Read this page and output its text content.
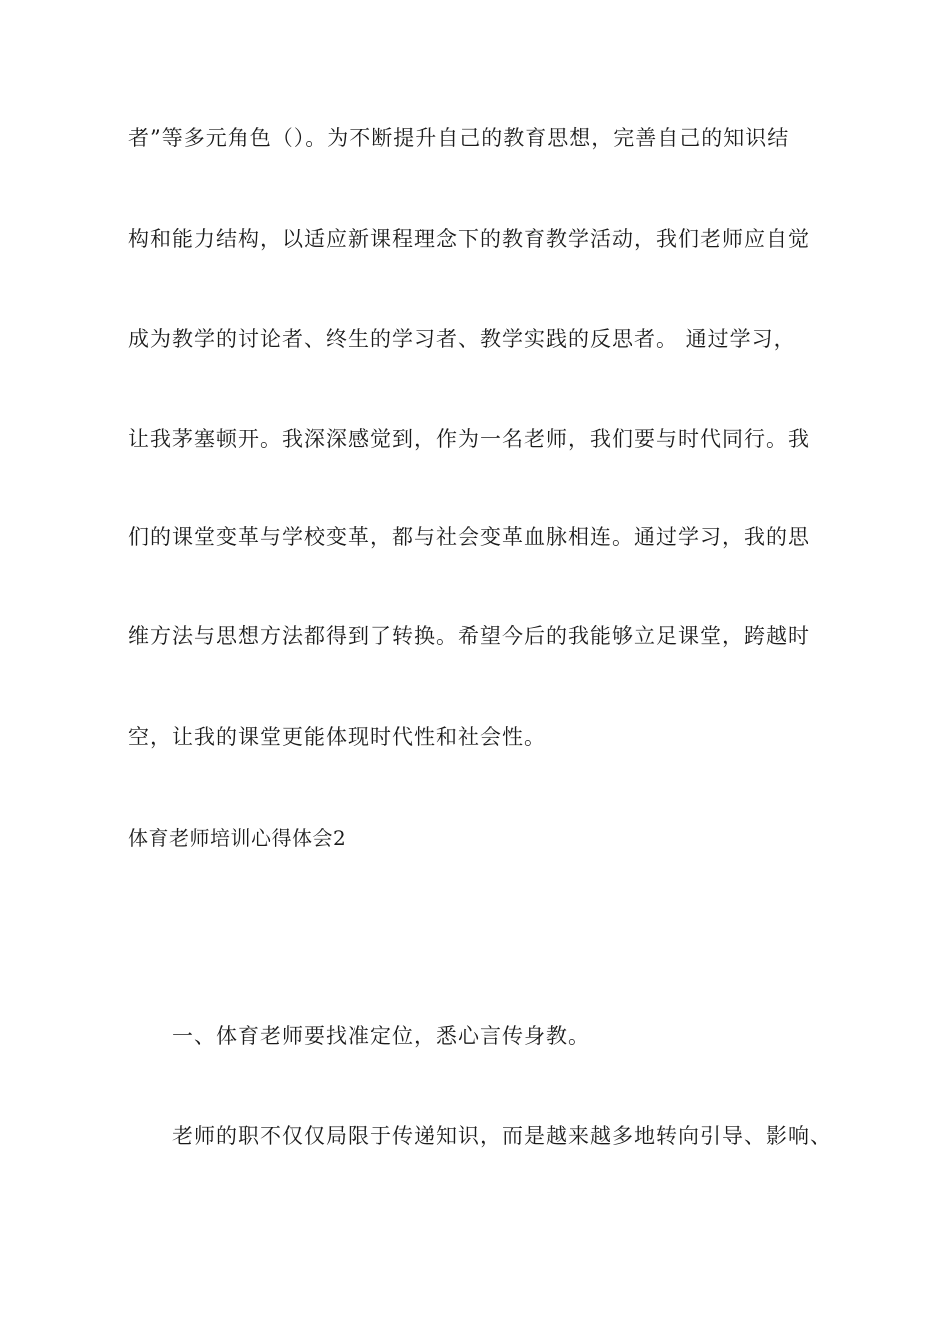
者”等多元角色（）。为不断提升自己的教育思想，完善自己的知识结
构和能力结构，以适应新课程理念下的教育教学活动，我们老师应自觉
成为教学的讨论者、终生的学习者、教学实践的反思者。 通过学习，
让我茅塞顿开。我深深感觉到，作为一名老师，我们要与时代同行。我
们的课堂变革与学校变革，都与社会变革血脉相连。通过学习，我的思
维方法与思想方法都得到了转换。希望今后的我能够立足课堂，跨越时
空，让我的课堂更能体现时代性和社会性。
体育老师培训心得体会2
一、体育老师要找准定位，悉心言传身教。
老师的职不仅仅局限于传递知识，而是越来越多地转向引导、影响、
